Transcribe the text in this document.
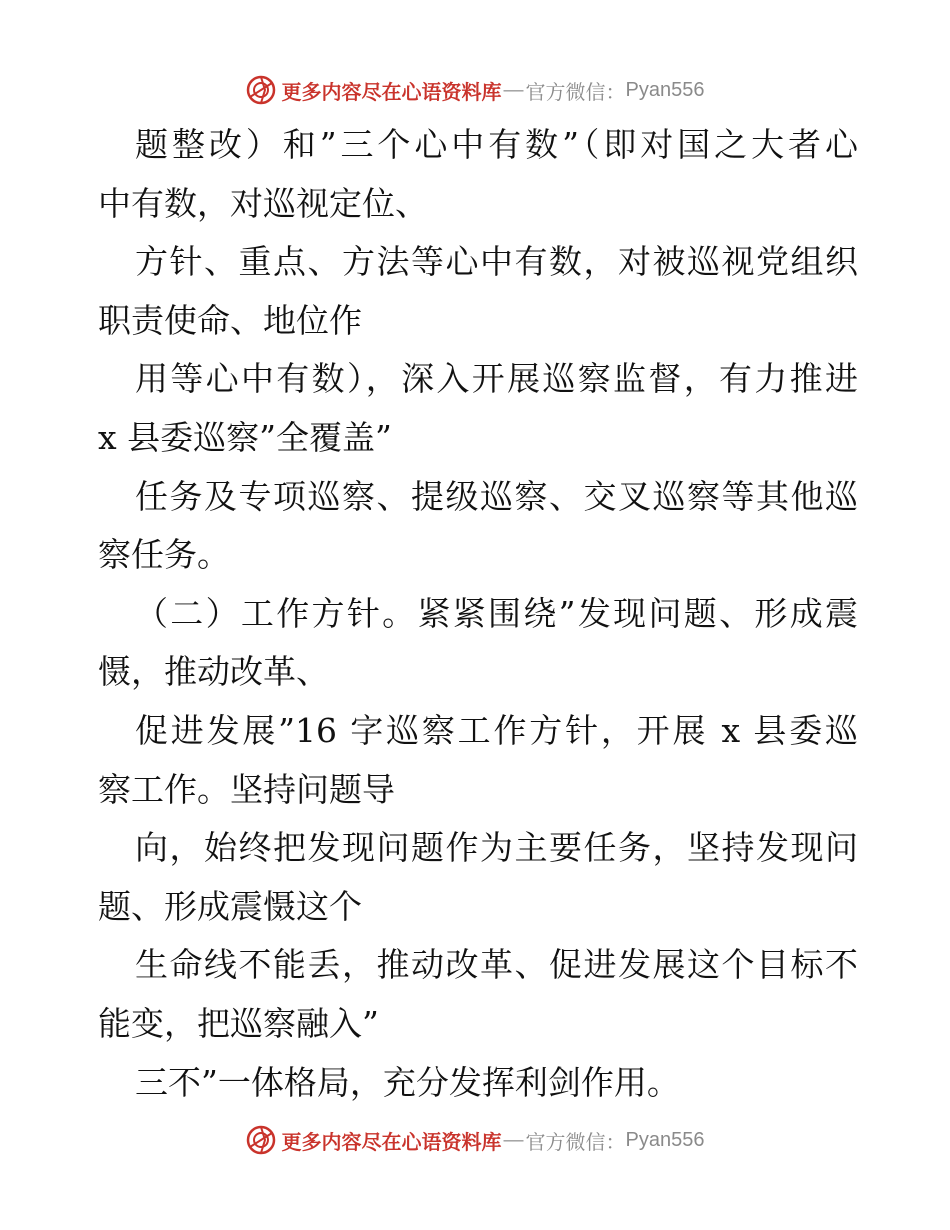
更多内容尽在心语资料库 — 官方微信： Pyan556
题整改）和”三个心中有数”（即对国之大者心
中有数，对巡视定位、
方针、重点、方法等心中有数，对被巡视党组织
职责使命、地位作
用等心中有数），深入开展巡察监督，有力推进
x 县委巡察”全覆盖”
任务及专项巡察、提级巡察、交叉巡察等其他巡
察任务。
（二）工作方针。紧紧围绕”发现问题、形成震
慑，推动改革、
促进发展”16 字巡察工作方针，开展 x 县委巡
察工作。坚持问题导
向，始终把发现问题作为主要任务，坚持发现问
题、形成震慑这个
生命线不能丢，推动改革、促进发展这个目标不
能变，把巡察融入”
三不”一体格局，充分发挥利剑作用。
更多内容尽在心语资料库 — 官方微信： Pyan556
